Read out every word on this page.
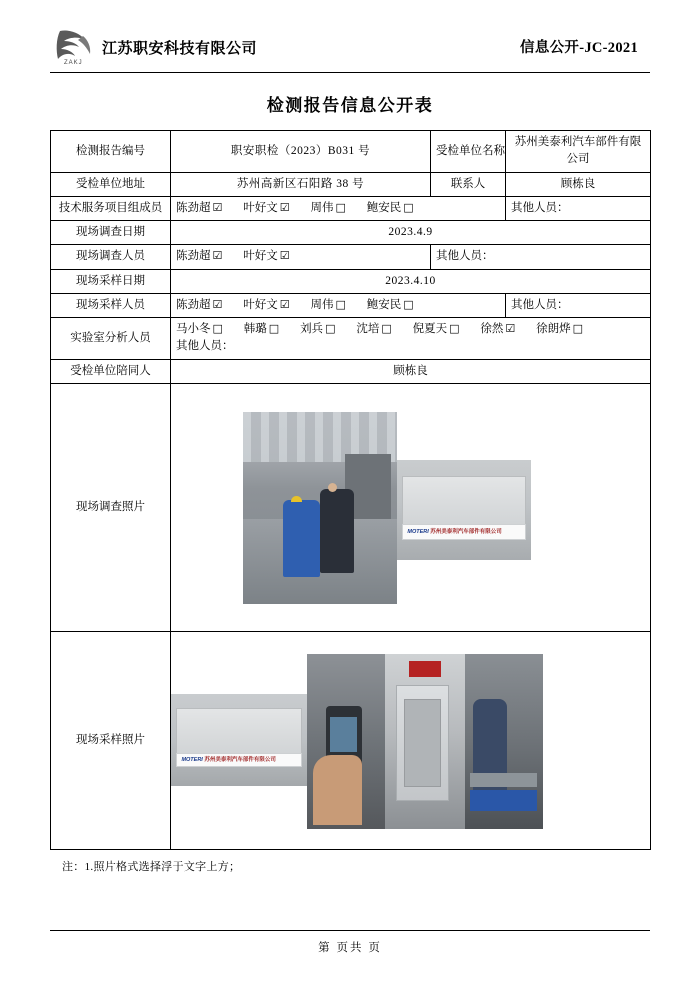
ZAKJ
江苏职安科技有限公司	信息公开-JC-2021
检测报告信息公开表
检测报告编号	职安职检（2023）B031 号	受检单位名称	苏州美泰利汽车部件有限公司
受检单位地址	苏州高新区石阳路 38 号	联系人	顾栋良
技术服务项目组成员	陈劲超 ☑ 叶好文 ☑ 周伟 □ 鲍安民 □		其他人员：
现场调查日期	2023.4.9		
现场调查人员	陈劲超 ☑ 叶好文 ☑	其他人员：	
现场采样日期	2023.4.10		
现场采样人员	陈劲超 ☑ 叶好文 ☑ 周伟 □ 鲍安民 □		其他人员：
实验室分析人员	马小冬 □ 韩璐 □ 刘兵 □ 沈培 □ 倪夏天 □ 徐然 ☑ 徐朗烨 □
其他人员：		

受检单位陪同人	顾栋良		
现场调查照片	MOTERI 苏州美泰利汽车部件有限公司		

现场采样照片	MOTERI 苏州美泰利汽车部件有限公司		
注：1.照片格式选择浮于文字上方；
第 页共 页
